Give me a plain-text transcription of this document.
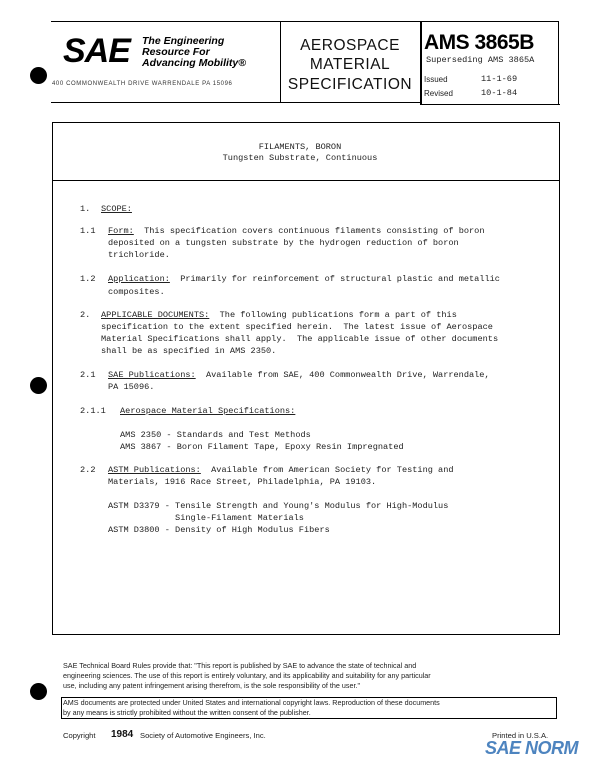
SAE The Engineering
Resource For
Advancing Mobility®
400 COMMONWEALTH DRIVE WARRENDALE PA 15096
AEROSPACE
MATERIAL
SPECIFICATION
AMS 3865B
Superseding AMS 3865A
Issued	11-1-69
Revised	10-1-84
FILAMENTS, BORON
Tungsten Substrate, Continuous
1. SCOPE:
1.1 Form:  This specification covers continuous filaments consisting of boron
deposited on a tungsten substrate by the hydrogen reduction of boron
trichloride.
1.2 Application:  Primarily for reinforcement of structural plastic and metallic
composites.
2. APPLICABLE DOCUMENTS:  The following publications form a part of this
specification to the extent specified herein.  The latest issue of Aerospace
Material Specifications shall apply.  The applicable issue of other documents
shall be as specified in AMS 2350.
2.1 SAE Publications:  Available from SAE, 400 Commonwealth Drive, Warrendale,
PA 15096.
2.1.1 Aerospace Material Specifications:
AMS 2350 - Standards and Test Methods
AMS 3867 - Boron Filament Tape, Epoxy Resin Impregnated
2.2 ASTM Publications:  Available from American Society for Testing and
Materials, 1916 Race Street, Philadelphia, PA 19103.
ASTM D3379 - Tensile Strength and Young's Modulus for High-Modulus
Single-Filament Materials
ASTM D3800 - Density of High Modulus Fibers
SAE Technical Board Rules provide that: "This report is published by SAE to advance the state of technical and
engineering sciences. The use of this report is entirely voluntary, and its applicability and suitability for any particular
use, including any patent infringement arising therefrom, is the sole responsibility of the user."
AMS documents are protected under United States and international copyright laws. Reproduction of these documents
by any means is strictly prohibited without the written consent of the publisher.
Copyright 1984 Society of Automotive Engineers, Inc.	Printed in U.S.A.
SAE NORM
